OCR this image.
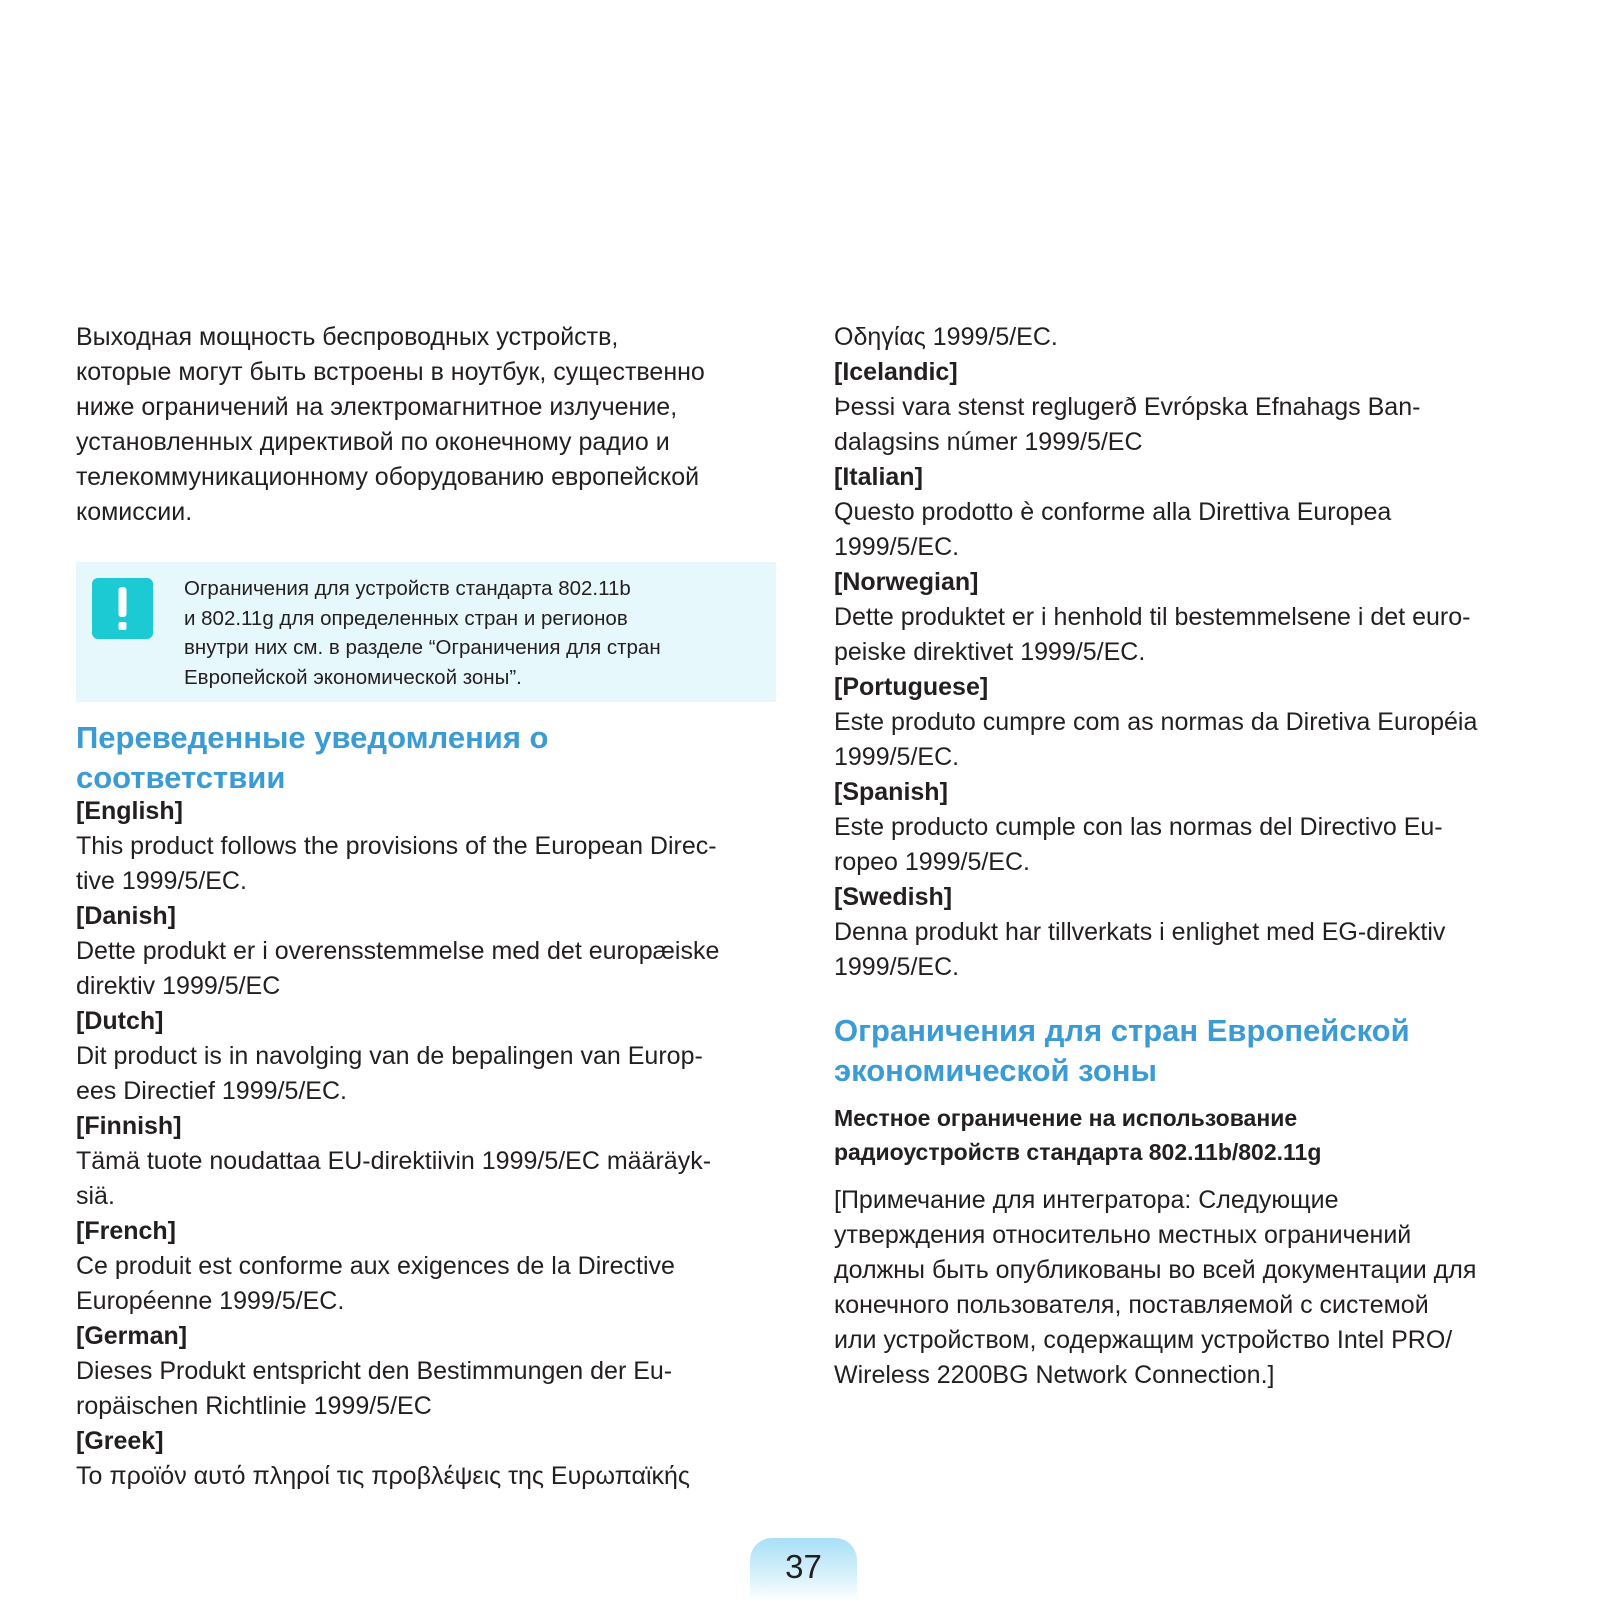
Выходная мощность беспроводных устройств,

которые могут быть встроены в ноутбук, существенно

ниже ограничений на электромагнитное излучение,

установленных директивой по оконечному радио и

телекоммуникационному оборудованию европейской

комиссии.

Ограничения для устройств стандарта 802.11b
и 802.11g для определенных стран и регионов
внутри них см. в разделе “Ограничения для стран
Европейской экономической зоны”.

Переведенные уведомления о

соответствии

[English]

This product follows the provisions of the European Direc-

tive 1999/5/EC.

[Danish]

Dette produkt er i overensstemmelse med det europæiske

direktiv 1999/5/EC

[Dutch]

Dit product is in navolging van de bepalingen van Europ-

ees Directief 1999/5/EC.

[Finnish]

Tämä tuote noudattaa EU-direktiivin 1999/5/EC määräyk-

siä.

[French]

Ce produit est conforme aux exigences de la Directive

Européenne 1999/5/EC.

[German]

Dieses Produkt entspricht den Bestimmungen der Eu-

ropäischen Richtlinie 1999/5/EC

[Greek]

Το προϊόν αυτό πληροί τις προβλέψεις της Ευρωπαϊκής

Οδηγίας 1999/5/ΕC.

[Icelandic]

Þessi vara stenst reglugerð Evrópska Efnahags Ban-

dalagsins númer 1999/5/EC

[Italian]

Questo prodotto è conforme alla Direttiva Europea

1999/5/EC.

[Norwegian]

Dette produktet er i henhold til bestemmelsene i det euro-

peiske direktivet 1999/5/EC.

[Portuguese]

Este produto cumpre com as normas da Diretiva Européia

1999/5/EC.

[Spanish]

Este producto cumple con las normas del Directivo Eu-

ropeo 1999/5/EC.

[Swedish]

Denna produkt har tillverkats i enlighet med EG-direktiv

1999/5/EC.

Ограничения для стран Европейской

экономической зоны

Местное ограничение на использование

радиоустройств стандарта 802.11b/802.11g

[Примечание для интегратора: Следующие

утверждения относительно местных ограничений

должны быть опубликованы во всей документации для

конечного пользователя, поставляемой с системой

или устройством, содержащим устройство Intel PRO/

Wireless 2200BG Network Connection.]

37
